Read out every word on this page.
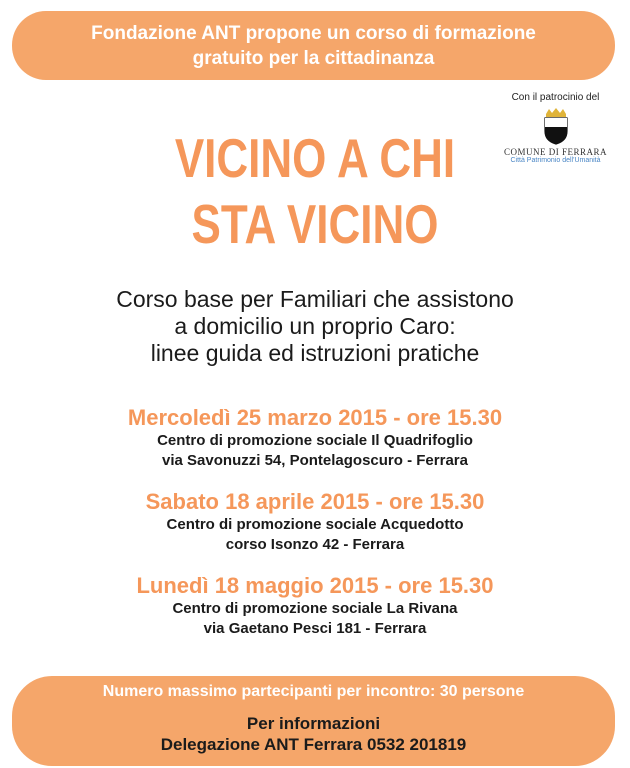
Fondazione ANT propone un corso di formazione
gratuito per la cittadinanza
Con il patrocinio del
COMUNE DI FERRARA
Città Patrimonio dell'Umanità
VICINO A CHI
STA VICINO
Corso base per Familiari che assistono
a domicilio un proprio Caro:
linee guida ed istruzioni pratiche
Mercoledì 25 marzo 2015 - ore 15.30
Centro di promozione sociale Il Quadrifoglio
via Savonuzzi 54, Pontelagoscuro - Ferrara
Sabato 18 aprile 2015 - ore 15.30
Centro di promozione sociale Acquedotto
corso Isonzo 42 - Ferrara
Lunedì 18 maggio 2015 - ore 15.30
Centro di promozione sociale La Rivana
via Gaetano Pesci 181 - Ferrara
Numero massimo partecipanti per incontro: 30 persone
Per informazioni
Delegazione ANT Ferrara 0532 201819
